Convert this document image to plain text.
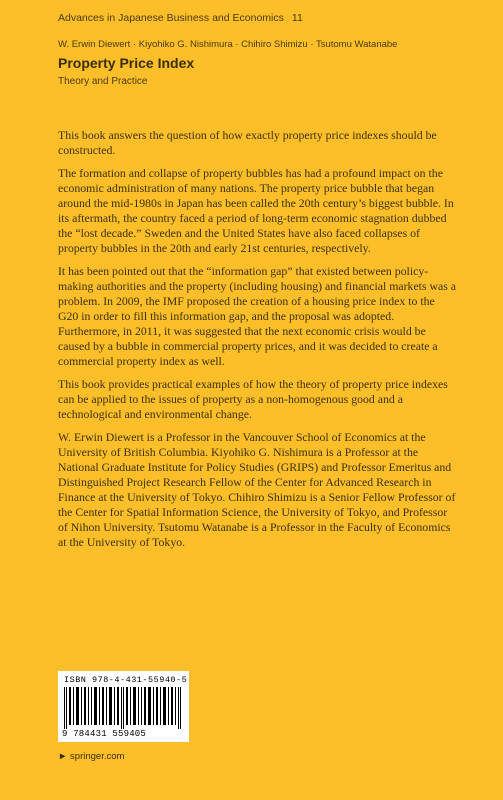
Advances in Japanese Business and Economics 11
W. Erwin Diewert · Kiyohiko G. Nishimura · Chihiro Shimizu · Tsutomu Watanabe
Property Price Index
Theory and Practice

This book answers the question of how exactly property price indexes should be constructed.

The formation and collapse of property bubbles has had a profound impact on the economic administration of many nations. The property price bubble that began around the mid-1980s in Japan has been called the 20th century’s biggest bubble. In its aftermath, the country faced a period of long-term economic stagnation dubbed the “lost decade.” Sweden and the United States have also faced collapses of property bubbles in the 20th and early 21st centuries, respectively.

It has been pointed out that the “information gap” that existed between policy-making authorities and the property (including housing) and financial markets was a problem. In 2009, the IMF proposed the creation of a housing price index to the G20 in order to fill this information gap, and the proposal was adopted. Furthermore, in 2011, it was suggested that the next economic crisis would be caused by a bubble in commercial property prices, and it was decided to create a commercial property index as well.

This book provides practical examples of how the theory of property price indexes can be applied to the issues of property as a non-homogenous good and a technological and environmental change.

W. Erwin Diewert is a Professor in the Vancouver School of Economics at the University of British Columbia. Kiyohiko G. Nishimura is a Professor at the National Graduate Institute for Policy Studies (GRIPS) and Professor Emeritus and Distinguished Project Research Fellow of the Center for Advanced Research in Finance at the University of Tokyo. Chihiro Shimizu is a Senior Fellow Professor of the Center for Spatial Information Science, the University of Tokyo, and Professor of Nihon University. Tsutomu Watanabe is a Professor in the Faculty of Economics at the University of Tokyo.

ISBN 978-4-431-55940-5
9 784431 559405
► springer.com
